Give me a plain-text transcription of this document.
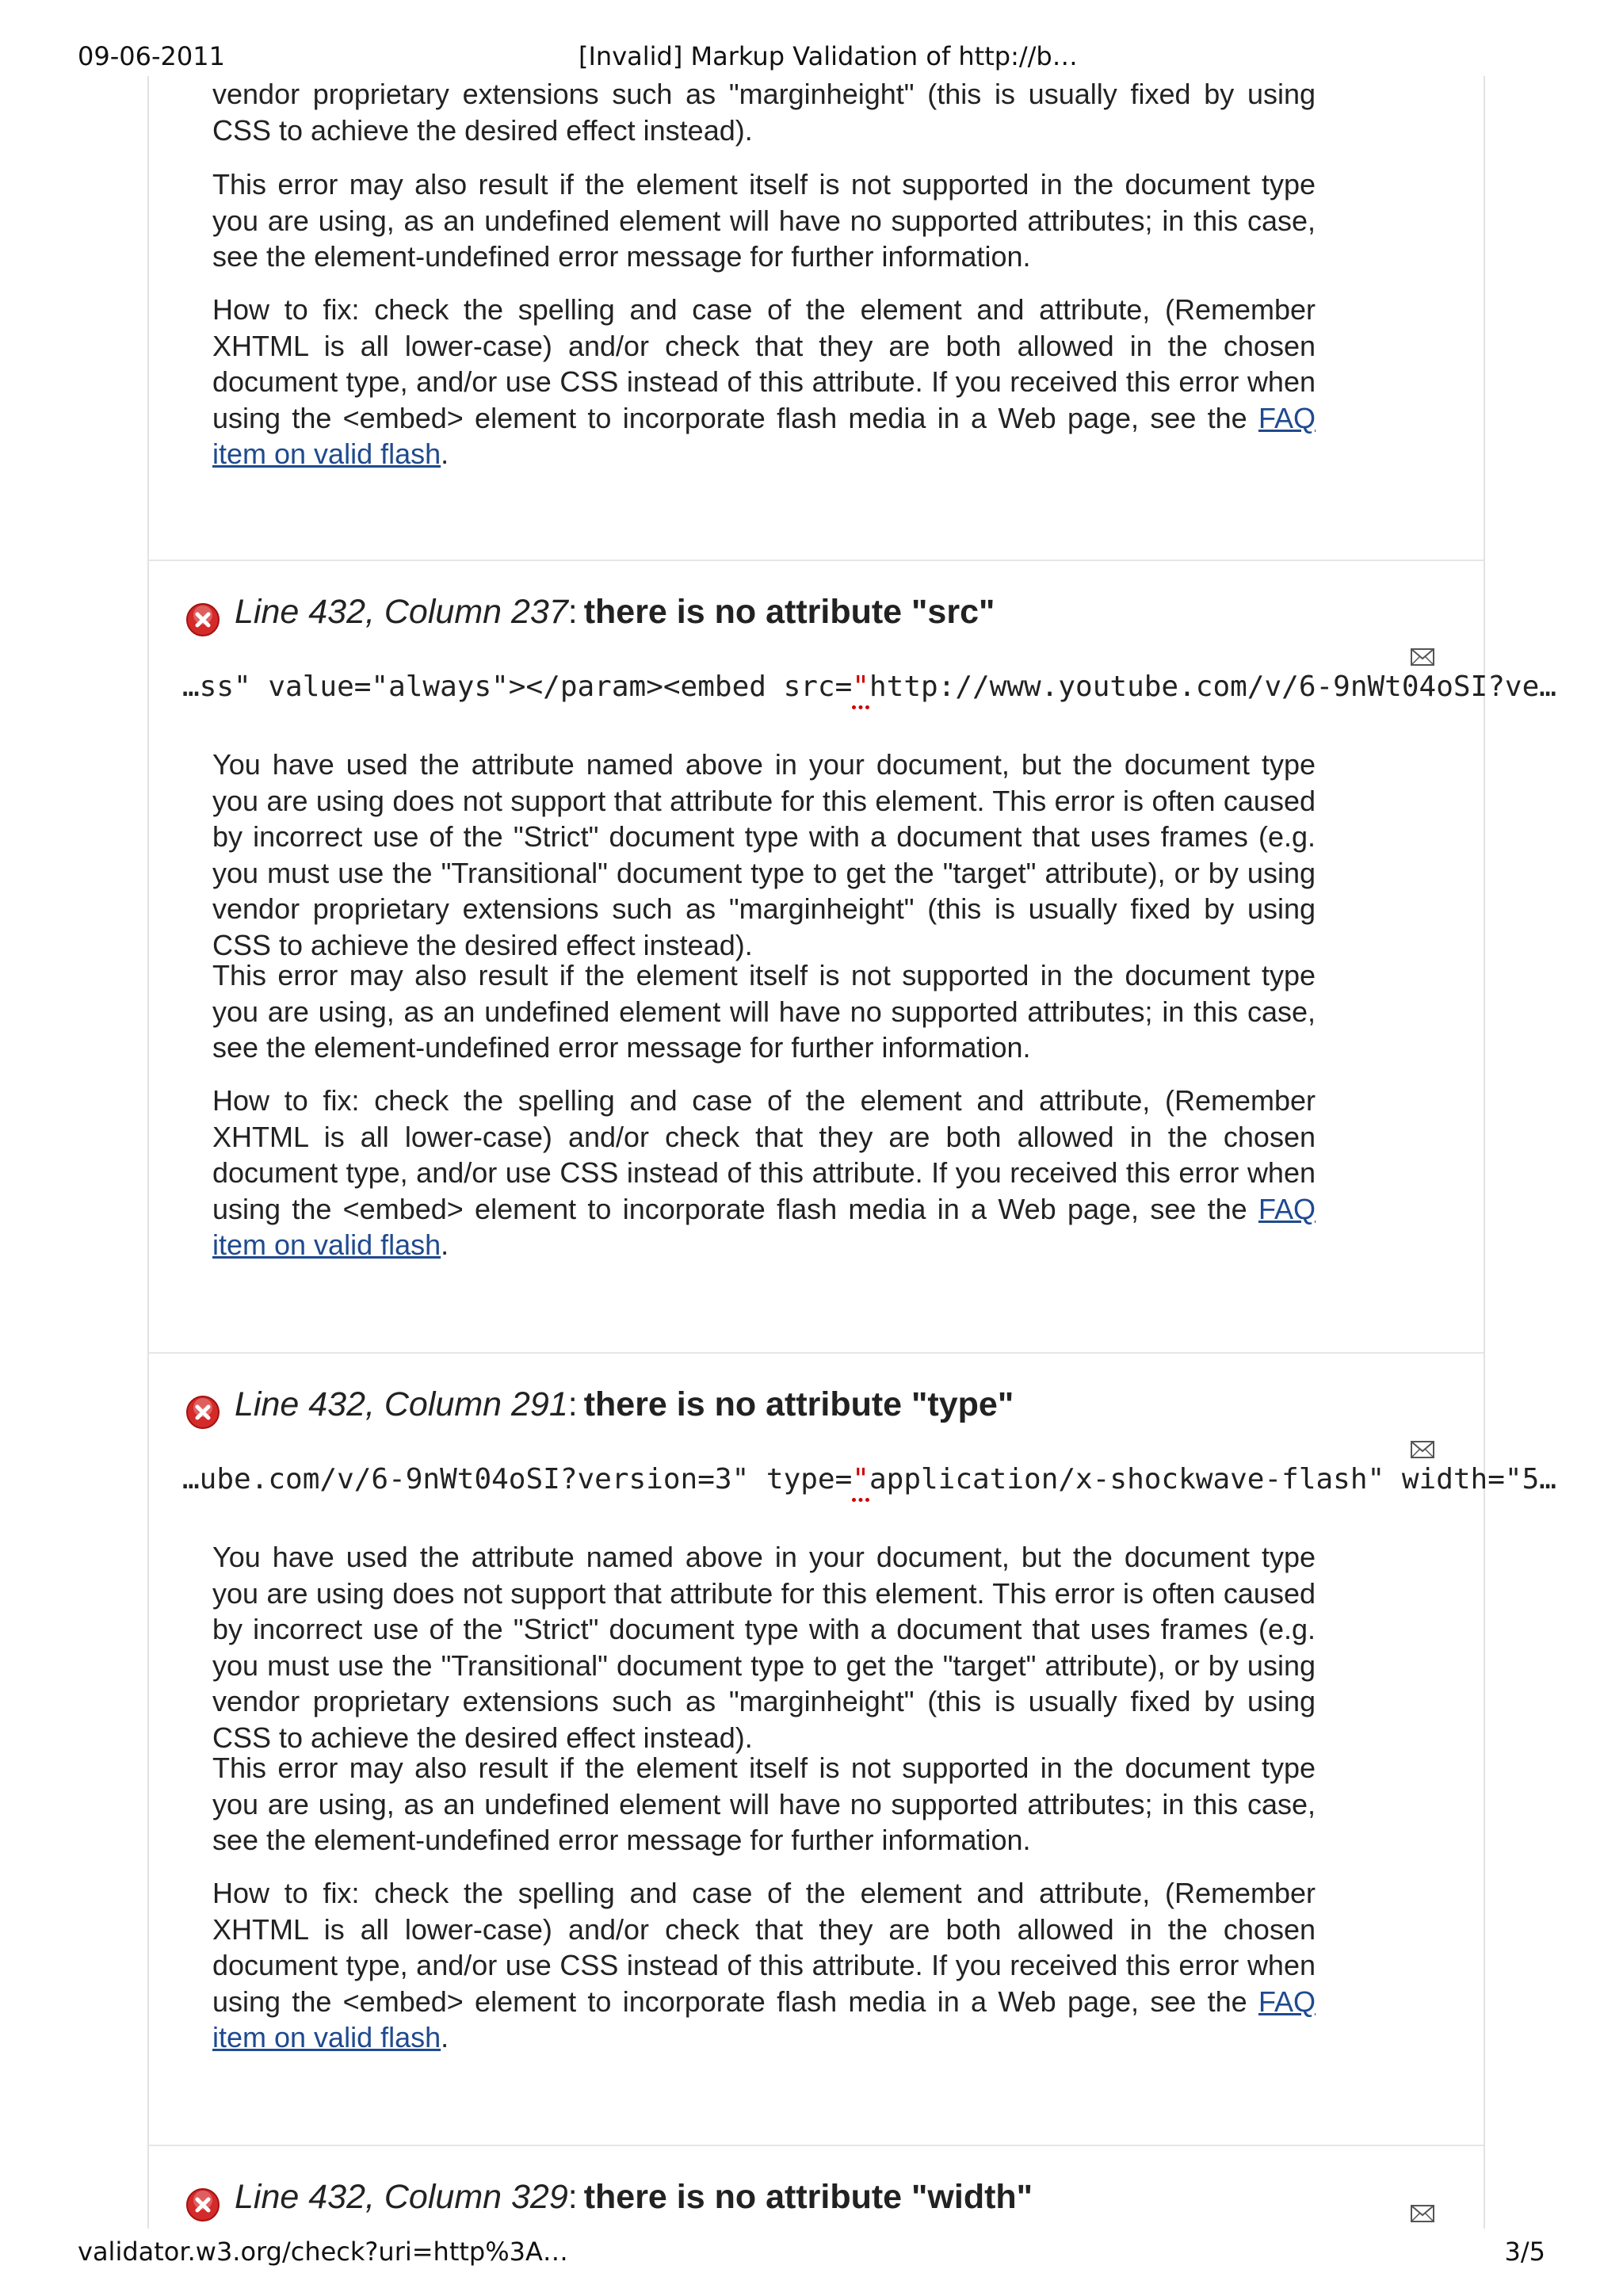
09-06-2011	[Invalid] Markup Validation of http://b…

vendor proprietary extensions such as "marginheight" (this is usually fixed by using CSS to achieve the desired effect instead).

This error may also result if the element itself is not supported in the document type you are using, as an undefined element will have no supported attributes; in this case, see the element-undefined error message for further information.

How to fix: check the spelling and case of the element and attribute, (Remember XHTML is all lower-case) and/or check that they are both allowed in the chosen document type, and/or use CSS instead of this attribute. If you received this error when using the <embed> element to incorporate flash media in a Web page, see the FAQ item on valid flash.

Line 432, Column 237: there is no attribute "src"
…ss" value="always"></param><embed src="http://www.youtube.com/v/6-9nWt04oSI?ve…

You have used the attribute named above in your document, but the document type you are using does not support that attribute for this element. This error is often caused by incorrect use of the "Strict" document type with a document that uses frames (e.g. you must use the "Transitional" document type to get the "target" attribute), or by using vendor proprietary extensions such as "marginheight" (this is usually fixed by using CSS to achieve the desired effect instead).

This error may also result if the element itself is not supported in the document type you are using, as an undefined element will have no supported attributes; in this case, see the element-undefined error message for further information.

How to fix: check the spelling and case of the element and attribute, (Remember XHTML is all lower-case) and/or check that they are both allowed in the chosen document type, and/or use CSS instead of this attribute. If you received this error when using the <embed> element to incorporate flash media in a Web page, see the FAQ item on valid flash.

Line 432, Column 291: there is no attribute "type"
…ube.com/v/6-9nWt04oSI?version=3" type="application/x-shockwave-flash" width="5…

You have used the attribute named above in your document, but the document type you are using does not support that attribute for this element. This error is often caused by incorrect use of the "Strict" document type with a document that uses frames (e.g. you must use the "Transitional" document type to get the "target" attribute), or by using vendor proprietary extensions such as "marginheight" (this is usually fixed by using CSS to achieve the desired effect instead).

This error may also result if the element itself is not supported in the document type you are using, as an undefined element will have no supported attributes; in this case, see the element-undefined error message for further information.

How to fix: check the spelling and case of the element and attribute, (Remember XHTML is all lower-case) and/or check that they are both allowed in the chosen document type, and/or use CSS instead of this attribute. If you received this error when using the <embed> element to incorporate flash media in a Web page, see the FAQ item on valid flash.

Line 432, Column 329: there is no attribute "width"
validator.w3.org/check?uri=http%3A…	3/5
